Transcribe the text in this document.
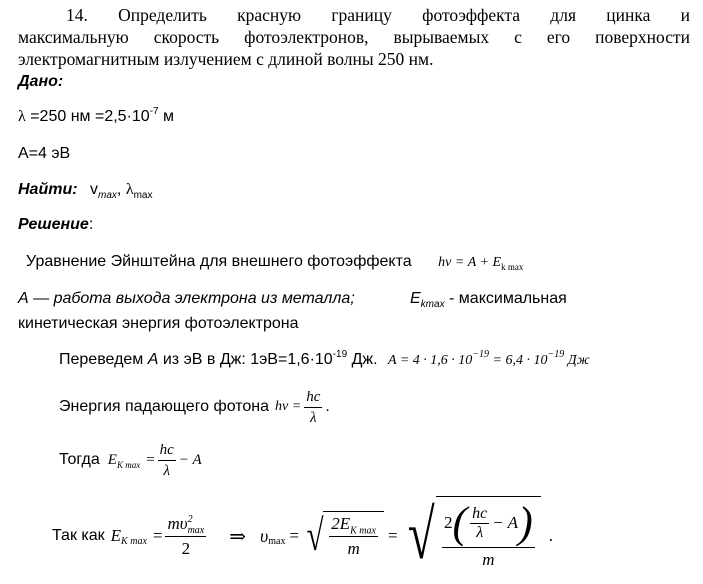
14. Определить красную границу фотоэффекта для цинка и
максимальную скорость фотоэлектронов, вырываемых с его поверхности
электромагнитным излучением с длиной волны 250 нм.
Дано:
λ =250 нм $=2,5\cdot 10^{-7}$ м
А=4 эВ
Найти: $v_{max}$, $\lambda_{max}$
Решение:
Уравнение Эйнштейна для внешнего фотоэффекта $h\nu = A + E_{k max}$
А — работа выхода электрона из металла;	$E_{kmax}$ - максимальная
кинетическая энергия фотоэлектрона
Переведем А из эВ в Дж: $1эВ=1,6\cdot 10^{-19}$ Дж. $A = 4 \cdot 1,6 \cdot 10^{-19} = 6,4 \cdot 10^{-19}$ Дж
Энергия падающего фотона $h\nu = \frac{hc}{\lambda}$ .
Тогда E K $\max = \frac{hc}{\lambda} - A$
Так как E K $\max = \frac{m\upsilon^2_{max}}{2}$ ⇒ υ max = √ $\frac{2E_{K max}}{m}$ = √ 2 ( $\frac{hc}{\lambda} - A$ )
m
.
